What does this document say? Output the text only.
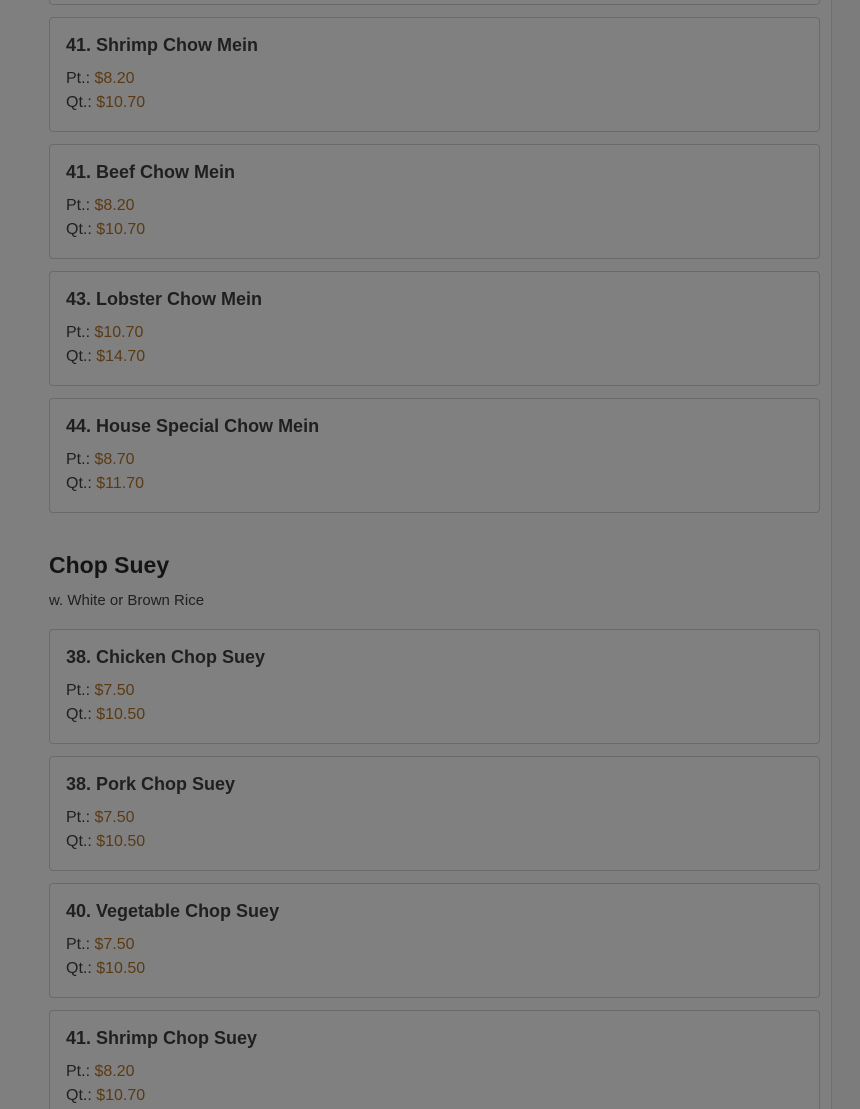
41. Shrimp Chow Mein
Pt.: $8.20
Qt.: $10.70
41. Beef Chow Mein
Pt.: $8.20
Qt.: $10.70
43. Lobster Chow Mein
Pt.: $10.70
Qt.: $14.70
44. House Special Chow Mein
Pt.: $8.70
Qt.: $11.70
Chop Suey
w. White or Brown Rice
38. Chicken Chop Suey
Pt.: $7.50
Qt.: $10.50
38. Pork Chop Suey
Pt.: $7.50
Qt.: $10.50
40. Vegetable Chop Suey
Pt.: $7.50
Qt.: $10.50
41. Shrimp Chop Suey
Pt.: $8.20
Qt.: $10.70
